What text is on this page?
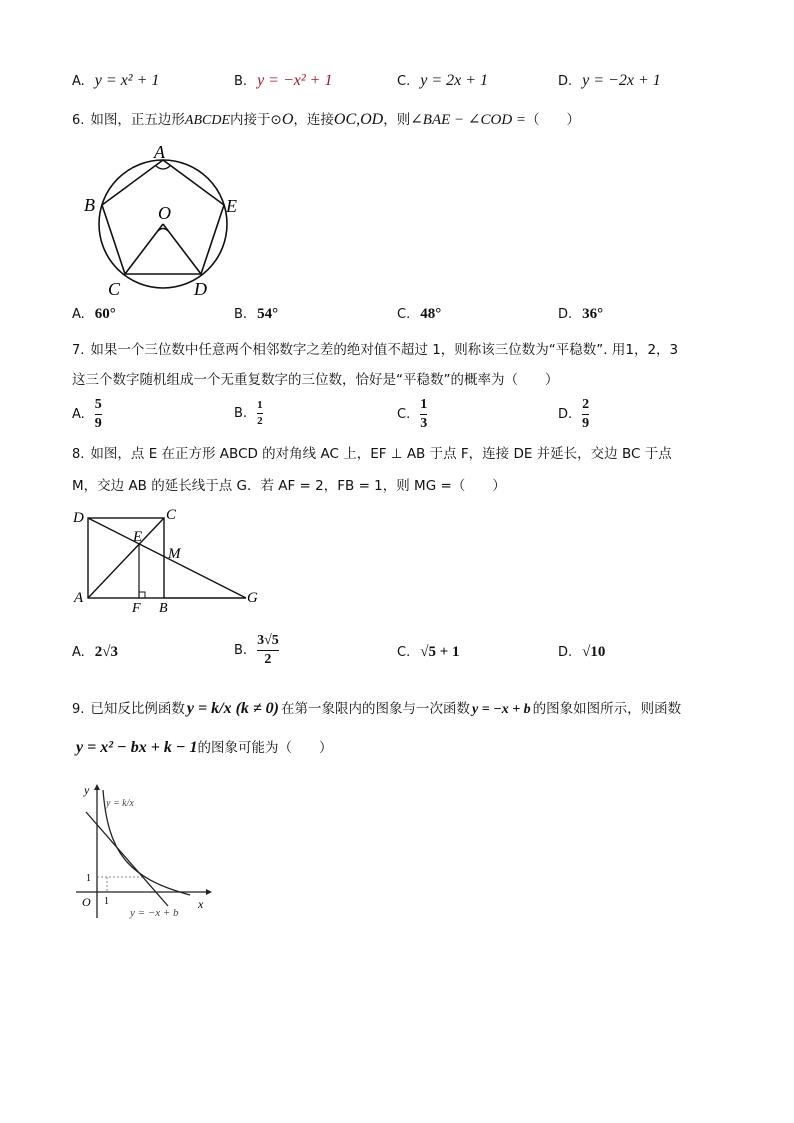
A. y = x² + 1	B. y = −x² + 1	C. y = 2x + 1	D. y = −2x + 1
6. 如图，正五边形 ABCDE 内接于⊙ O ，连接 OC,OD ，则 ∠BAE − ∠COD = （　　）
A
B	E
O
C	D
A. 60°	B. 54°	C. 48°	D. 36°
7. 如果一个三位数中任意两个相邻数字之差的绝对值不超过 1，则称该三位数为“平稳数”. 用1，2，3
这三个数字随机组成一个无重复数字的三位数，恰好是“平稳数”的概率为（　　）
A. $\frac{5}{9}$	B. $\frac{1}{2}$	C. $\frac{1}{3}$	D. $\frac{2}{9}$
8. 如图，点 E 在正方形 ABCD 的对角线 AC 上，EF ⊥ AB 于点 F，连接 DE 并延长，交边 BC 于点
M，交边 AB 的延长线于点 G．若 AF = 2，FB = 1，则 MG =（　　）
D	C
E
M
A
F B
G
A. 2√3	B. $\frac{3√5}{2}$	C. √5 + 1	D. √10
9. 已知反比例函数 y = k/x (k ≠ 0) 在第一象限内的图象与一次函数 y = −x + b 的图象如图所示，则函数
y = x² − bx + k − 1 的图象可能为（　　）
y
x
O
1
1
y = k/x
y = −x + b
